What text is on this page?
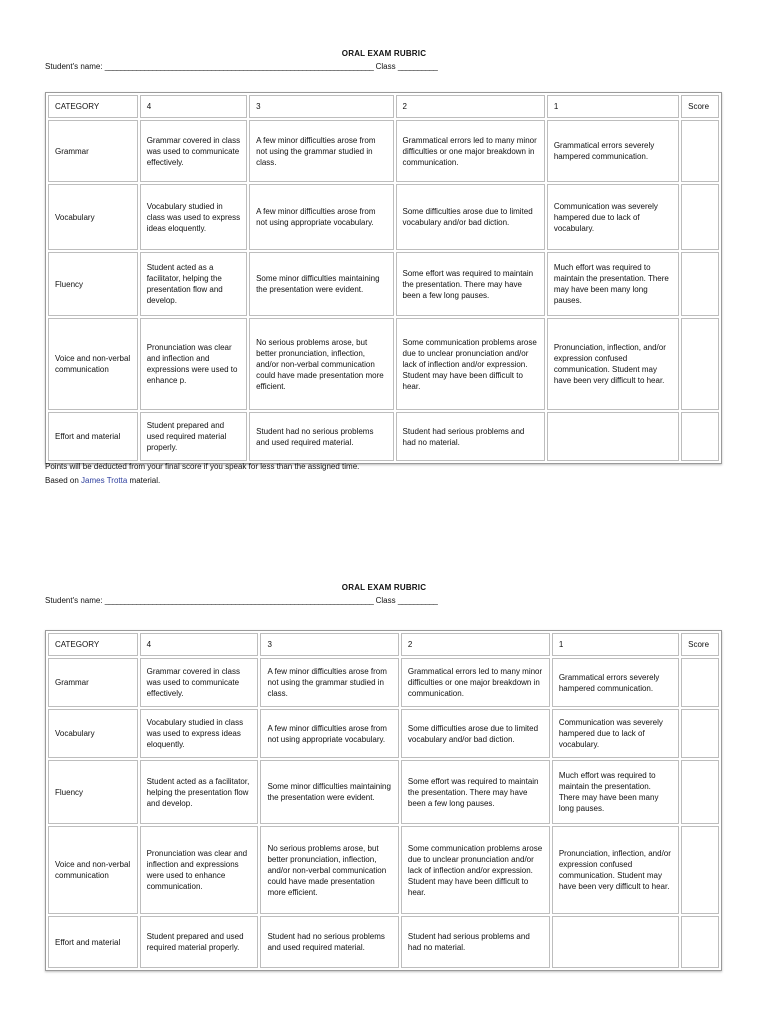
ORAL EXAM RUBRIC
Student's name: ____________________________________________________________________ Class __________
CATEGORY	4	3	2	1	Score
Grammar	Grammar covered in class was used to communicate effectively.	A few minor difficulties arose from not using the grammar studied in class.	Grammatical errors led to many minor difficulties or one major breakdown in communication.	Grammatical errors severely hampered communication.	
Vocabulary	Vocabulary studied in class was used to express ideas eloquently.	A few minor difficulties arose from not using appropriate vocabulary.	Some difficulties arose due to limited vocabulary and/or bad diction.	Communication was severely hampered due to lack of vocabulary.	
Fluency	Student acted as a facilitator, helping the presentation flow and develop.	Some minor difficulties maintaining the presentation were evident.	Some effort was required to maintain the presentation. There may have been a few long pauses.	Much effort was required to maintain the presentation. There may have been many long pauses.	
Voice and non-verbal communication	Pronunciation was clear and inflection and expressions were used to enhance p.	No serious problems arose, but better pronunciation, inflection, and/or non-verbal communication could have made presentation more efficient.	Some communication problems arose due to unclear pronunciation and/or lack of inflection and/or expression. Student may have been difficult to hear.	Pronunciation, inflection, and/or expression confused communication. Student may have been very difficult to hear.	
Effort and material	Student prepared and used required material properly.	Student had no serious problems and used required material.	Student had serious problems and had no material.		
Points will be deducted from your final score if you speak for less than the assigned time.
Based on James Trotta material.
ORAL EXAM RUBRIC
Student's name: ____________________________________________________________________ Class __________
CATEGORY	4	3	2	1	Score
Grammar	Grammar covered in class was used to communicate effectively.	A few minor difficulties arose from not using the grammar studied in class.	Grammatical errors led to many minor difficulties or one major breakdown in communication.	Grammatical errors severely hampered communication.	
Vocabulary	Vocabulary studied in class was used to express ideas eloquently.	A few minor difficulties arose from not using appropriate vocabulary.	Some difficulties arose due to limited vocabulary and/or bad diction.	Communication was severely hampered due to lack of vocabulary.	
Fluency	Student acted as a facilitator, helping the presentation flow and develop.	Some minor difficulties maintaining the presentation were evident.	Some effort was required to maintain the presentation. There may have been a few long pauses.	Much effort was required to maintain the presentation. There may have been many long pauses.	
Voice and non-verbal communication	Pronunciation was clear and inflection and expressions were used to enhance communication.	No serious problems arose, but better pronunciation, inflection, and/or non-verbal communication could have made presentation more efficient.	Some communication problems arose due to unclear pronunciation and/or lack of inflection and/or expression. Student may have been difficult to hear.	Pronunciation, inflection, and/or expression confused communication. Student may have been very difficult to hear.	
Effort and material	Student prepared and used required material properly.	Student had no serious problems and used required material.	Student had serious problems and had no material.		
